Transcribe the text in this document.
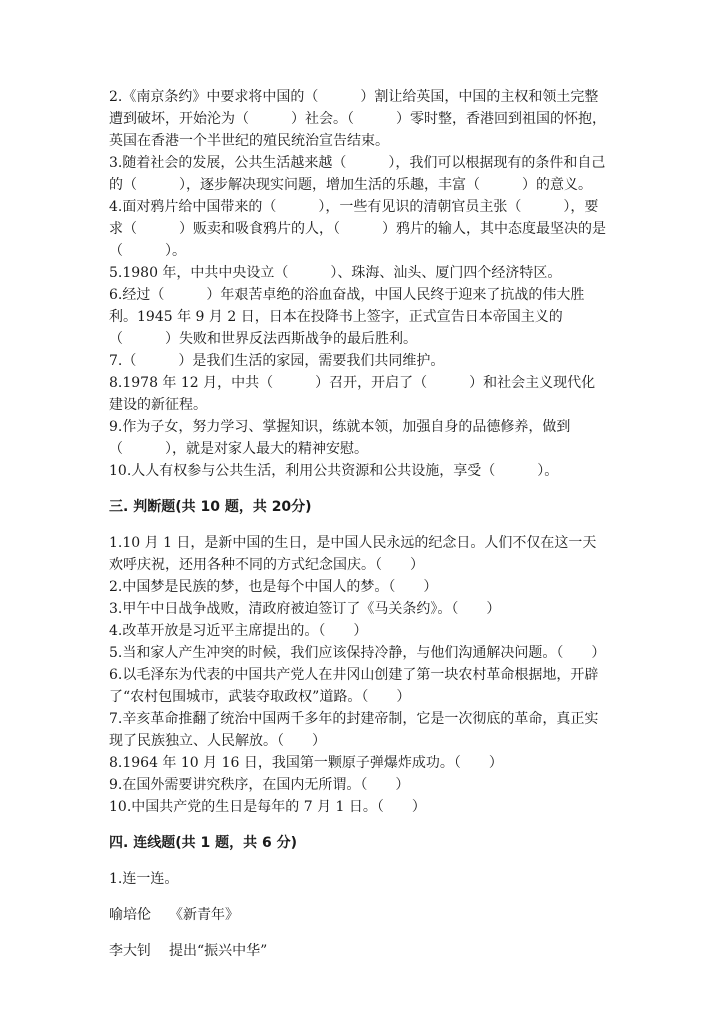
2.《南京条约》中要求将中国的（　　　）割让给英国，中国的主权和领土完整遭到破坏，开始沦为（　　　）社会。（　　　）零时整，香港回到祖国的怀抱，英国在香港一个半世纪的殖民统治宣告结束。

3.随着社会的发展，公共生活越来越（　　　），我们可以根据现有的条件和自己的（　　　），逐步解决现实问题，增加生活的乐趣，丰富（　　　）的意义。

4.面对鸦片给中国带来的（　　　），一些有见识的清朝官员主张（　　　），要求（　　　）贩卖和吸食鸦片的人，（　　　）鸦片的输人，其中态度最坚决的是（　　　）。

5.1980 年，中共中央设立（　　　）、珠海、汕头、厦门四个经济特区。

6.经过（　　　）年艰苦卓绝的浴血奋战，中国人民终于迎来了抗战的伟大胜利。1945 年 9 月 2 日，日本在投降书上签字，正式宣告日本帝国主义的（　　　）失败和世界反法西斯战争的最后胜利。

7.（　　　）是我们生活的家园，需要我们共同维护。

8.1978 年 12 月，中共（　　　）召开，开启了（　　　）和社会主义现代化建设的新征程。

9.作为子女，努力学习、掌握知识，练就本领，加强自身的品德修养，做到（　　　），就是对家人最大的精神安慰。

10.人人有权参与公共生活，利用公共资源和公共设施，享受（　　　）。

三. 判断题(共 10 题，共 20分)

1.10 月 1 日，是新中国的生日，是中国人民永远的纪念日。人们不仅在这一天欢呼庆祝，还用各种不同的方式纪念国庆。（　　）

2.中国梦是民族的梦，也是每个中国人的梦。（　　）

3.甲午中日战争战败，清政府被迫签订了《马关条约》。（　　）

4.改革开放是习近平主席提出的。（　　）

5.当和家人产生冲突的时候，我们应该保持冷静，与他们沟通解决问题。（　　）

6.以毛泽东为代表的中国共产党人在井冈山创建了第一块农村革命根据地，开辟了“农村包围城市，武装夺取政权”道路。（　　）

7.辛亥革命推翻了统治中国两千多年的封建帝制，它是一次彻底的革命，真正实现了民族独立、人民解放。（　　）

8.1964 年 10 月 16 日，我国第一颗原子弹爆炸成功。（　　）

9.在国外需要讲究秩序，在国内无所谓。（　　）

10.中国共产党的生日是每年的 7 月 1 日。（　　）

四. 连线题(共 1 题，共 6 分)

1.连一连。

喻培伦 《新青年》

李大钊 提出“振兴中华”
